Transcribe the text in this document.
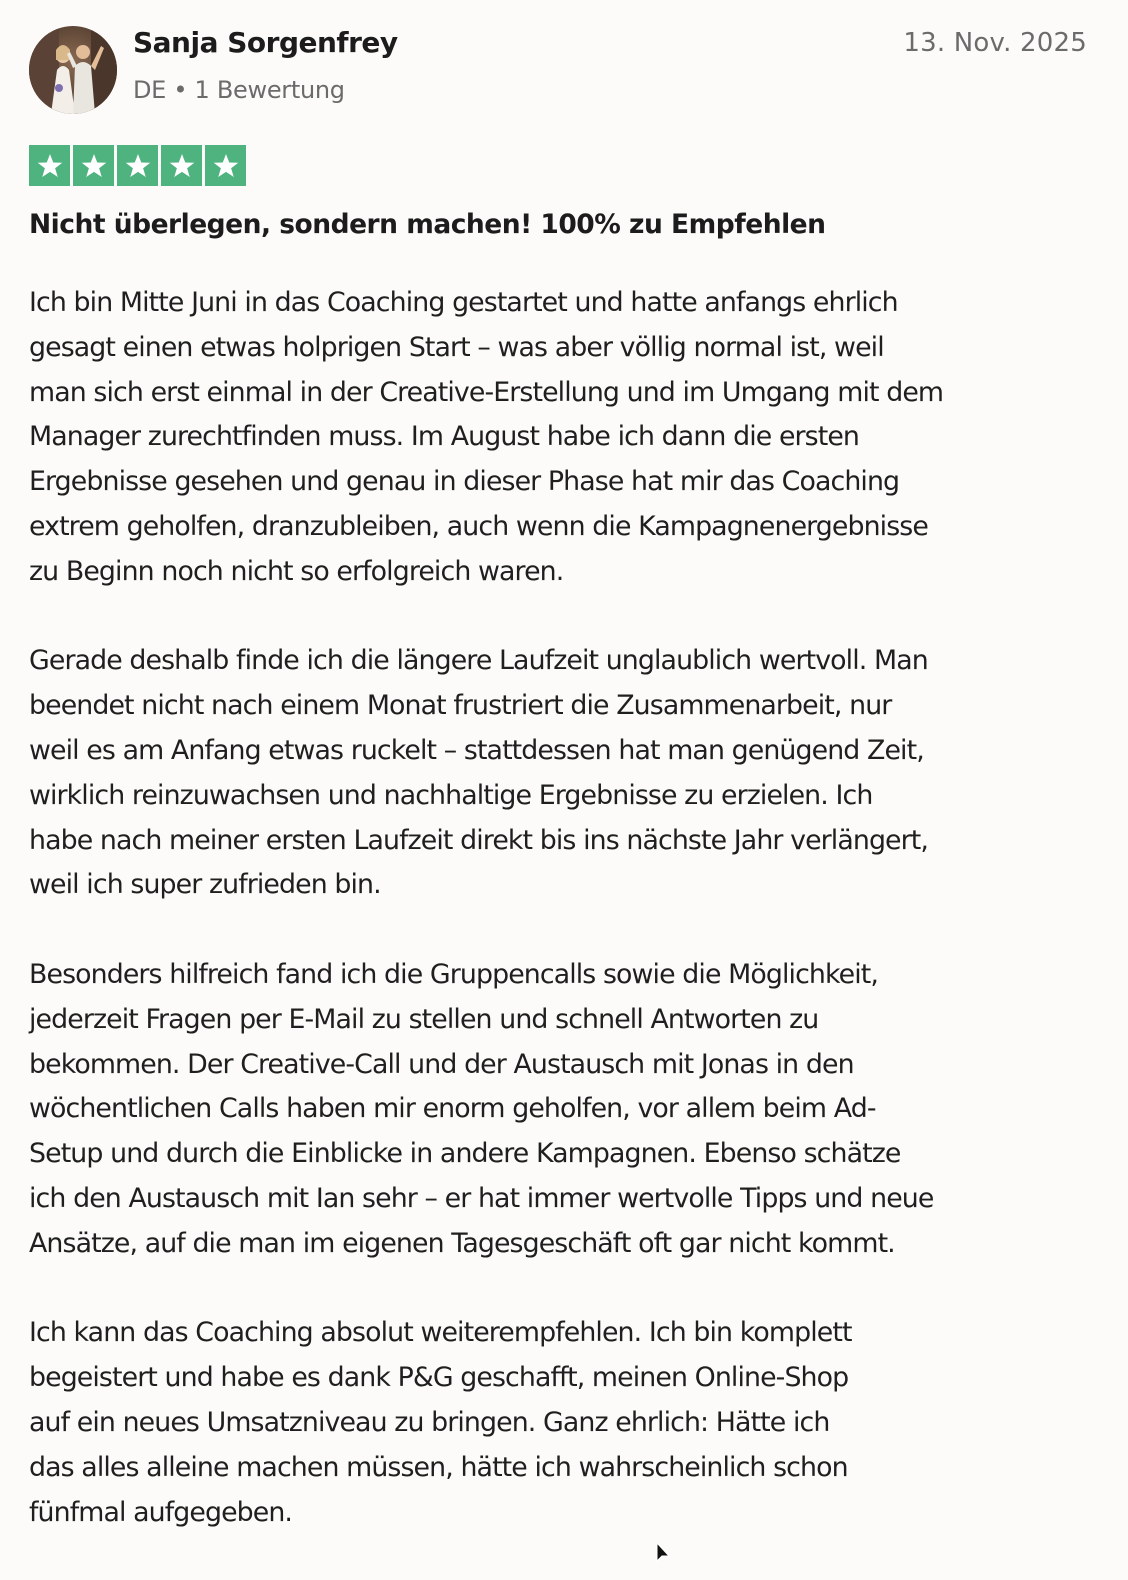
Sanja Sorgenfrey
DE • 1 Bewertung
13. Nov. 2025
Nicht überlegen, sondern machen! 100% zu Empfehlen
Ich bin Mitte Juni in das Coaching gestartet und hatte anfangs ehrlich
gesagt einen etwas holprigen Start – was aber völlig normal ist, weil
man sich erst einmal in der Creative-Erstellung und im Umgang mit dem
Manager zurechtfinden muss. Im August habe ich dann die ersten
Ergebnisse gesehen und genau in dieser Phase hat mir das Coaching
extrem geholfen, dranzubleiben, auch wenn die Kampagnenergebnisse
zu Beginn noch nicht so erfolgreich waren.
Gerade deshalb finde ich die längere Laufzeit unglaublich wertvoll. Man
beendet nicht nach einem Monat frustriert die Zusammenarbeit, nur
weil es am Anfang etwas ruckelt – stattdessen hat man genügend Zeit,
wirklich reinzuwachsen und nachhaltige Ergebnisse zu erzielen. Ich
habe nach meiner ersten Laufzeit direkt bis ins nächste Jahr verlängert,
weil ich super zufrieden bin.
Besonders hilfreich fand ich die Gruppencalls sowie die Möglichkeit,
jederzeit Fragen per E-Mail zu stellen und schnell Antworten zu
bekommen. Der Creative-Call und der Austausch mit Jonas in den
wöchentlichen Calls haben mir enorm geholfen, vor allem beim Ad-
Setup und durch die Einblicke in andere Kampagnen. Ebenso schätze
ich den Austausch mit Ian sehr – er hat immer wertvolle Tipps und neue
Ansätze, auf die man im eigenen Tagesgeschäft oft gar nicht kommt.
Ich kann das Coaching absolut weiterempfehlen. Ich bin komplett
begeistert und habe es dank P&G geschafft, meinen Online-Shop
auf ein neues Umsatzniveau zu bringen. Ganz ehrlich: Hätte ich
das alles alleine machen müssen, hätte ich wahrscheinlich schon
fünfmal aufgegeben.
